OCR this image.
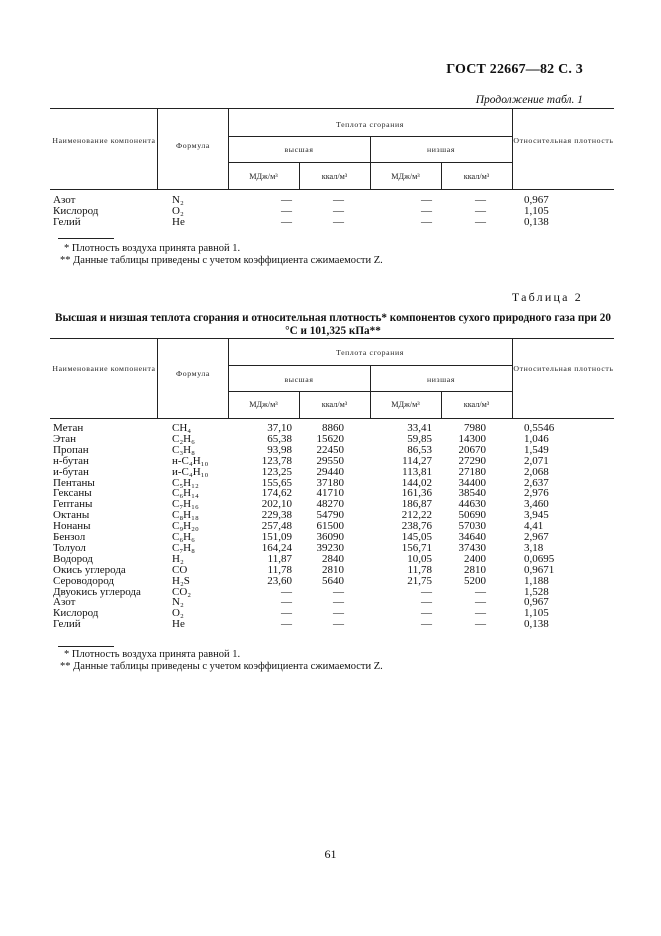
ГОСТ 22667—82 С. 3
Продолжение табл. 1
Наименование компонента
Формула
Теплота сгорания
высшая	низшая
Относительная плотность
МДж/м³	ккал/м³	МДж/м³	ккал/м³
Азот	N₂	—	—	—	—	0,967
Кислород	O₂	—	—	—	—	1,105
Гелий	He	—	—	—	—	0,138
* Плотность воздуха принята равной 1.
** Данные таблицы приведены с учетом коэффициента сжимаемости Z.
Таблица 2
Высшая и низшая теплота сгорания и относительная плотность* компонентов сухого природного газа при 20 °С и 101,325 кПа**
Наименование компонента
Формула
Теплота сгорания
высшая	низшая
Относительная плотность
МДж/м³	ккал/м³	МДж/м³	ккал/м³
Метан	CH₄	37,10	8860	33,41	7980	0,5546
Этан	C₂H₆	65,38	15620	59,85	14300	1,046
Пропан	C₃H₈	93,98	22450	86,53	20670	1,549
н-бутан	н-C₄H₁₀	123,78	29550	114,27	27290	2,071
и-бутан	и-C₄H₁₀	123,25	29440	113,81	27180	2,068
Пентаны	C₅H₁₂	155,65	37180	144,02	34400	2,637
Гексаны	C₆H₁₄	174,62	41710	161,36	38540	2,976
Гептаны	C₇H₁₆	202,10	48270	186,87	44630	3,460
Октаны	C₈H₁₈	229,38	54790	212,22	50690	3,945
Нонаны	C₉H₂₀	257,48	61500	238,76	57030	4,41
Бензол	C₆H₆	151,09	36090	145,05	34640	2,967
Толуол	C₇H₈	164,24	39230	156,71	37430	3,18
Водород	H₂	11,87	2840	10,05	2400	0,0695
Окись углерода	CO	11,78	2810	11,78	2810	0,9671
Сероводород	H₂S	23,60	5640	21,75	5200	1,188
Двуокись углерода	CO₂	—	—	—	—	1,528
Азот	N₂	—	—	—	—	0,967
Кислород	O₂	—	—	—	—	1,105
Гелий	He	—	—	—	—	0,138
* Плотность воздуха принята равной 1.
** Данные таблицы приведены с учетом коэффициента сжимаемости Z.
61
